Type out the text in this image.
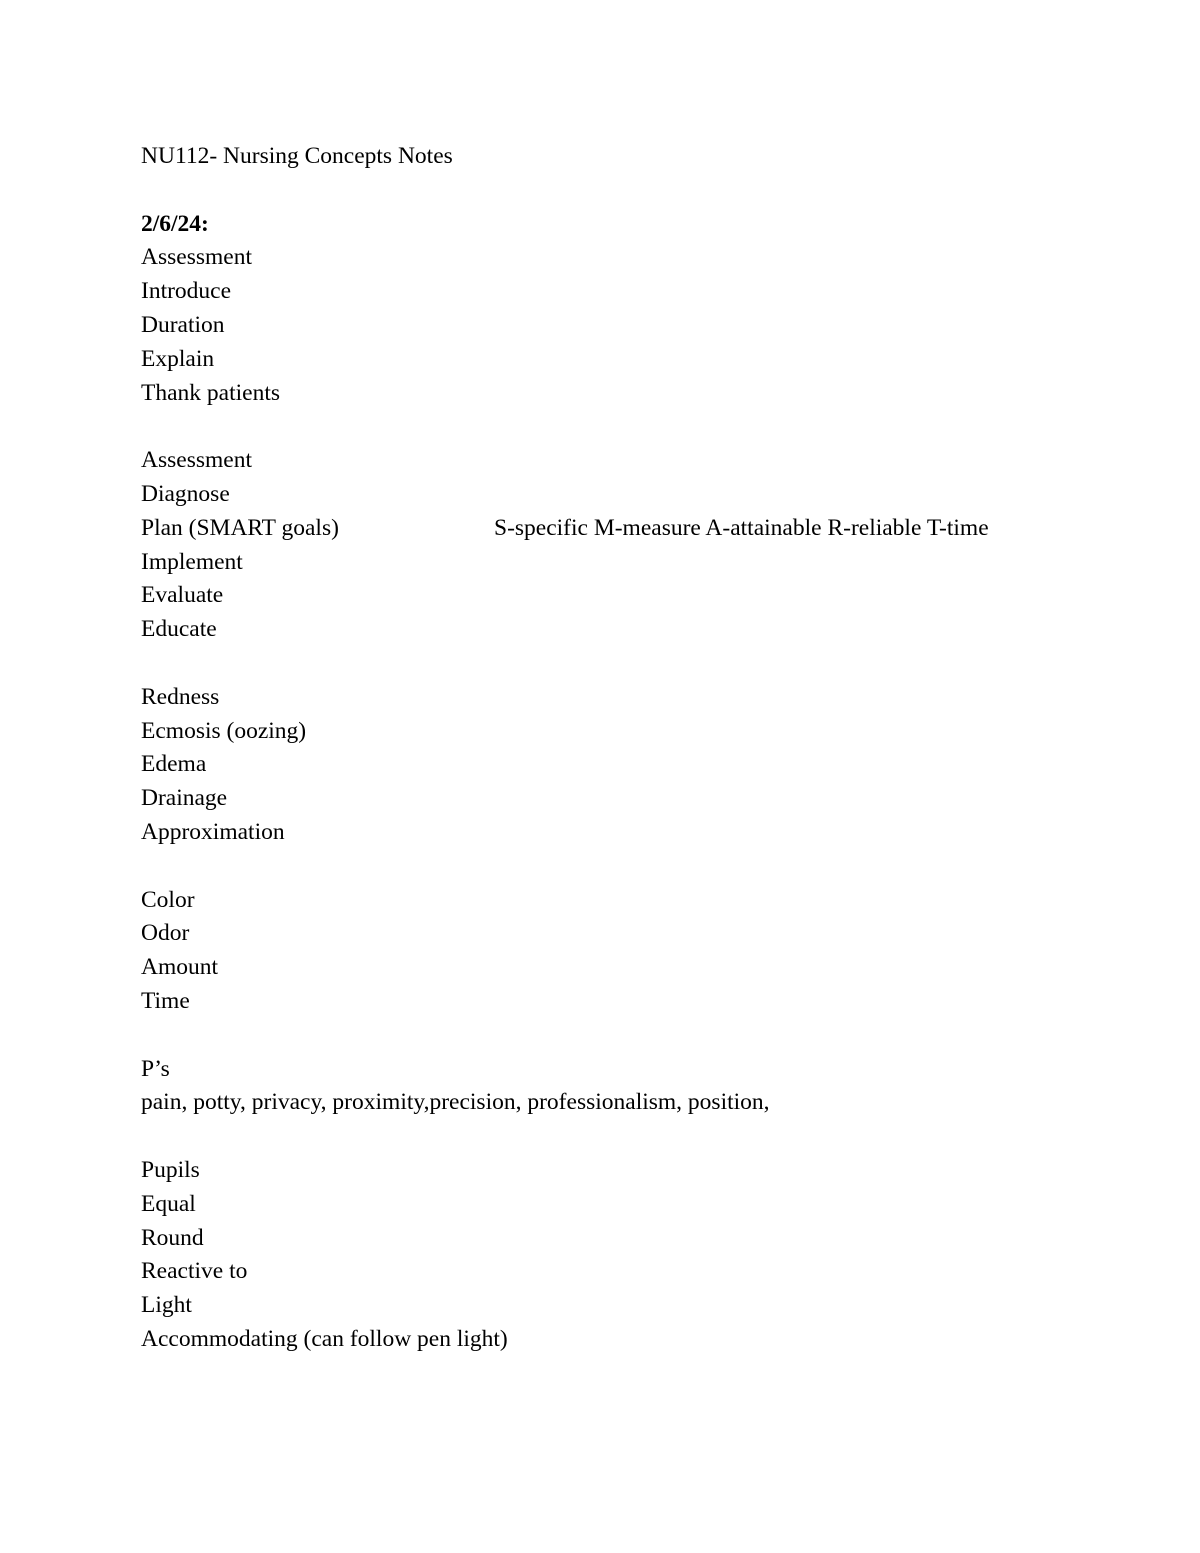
NU112- Nursing Concepts Notes
2/6/24:
Assessment
Introduce
Duration
Explain
Thank patients
Assessment
Diagnose
Plan (SMART goals)	S-specific M-measure A-attainable R-reliable T-time
Implement
Evaluate
Educate
Redness
Ecmosis (oozing)
Edema
Drainage
Approximation
Color
Odor
Amount
Time
P’s
pain, potty, privacy, proximity,precision, professionalism, position,
Pupils
Equal
Round
Reactive to
Light
Accommodating (can follow pen light)
